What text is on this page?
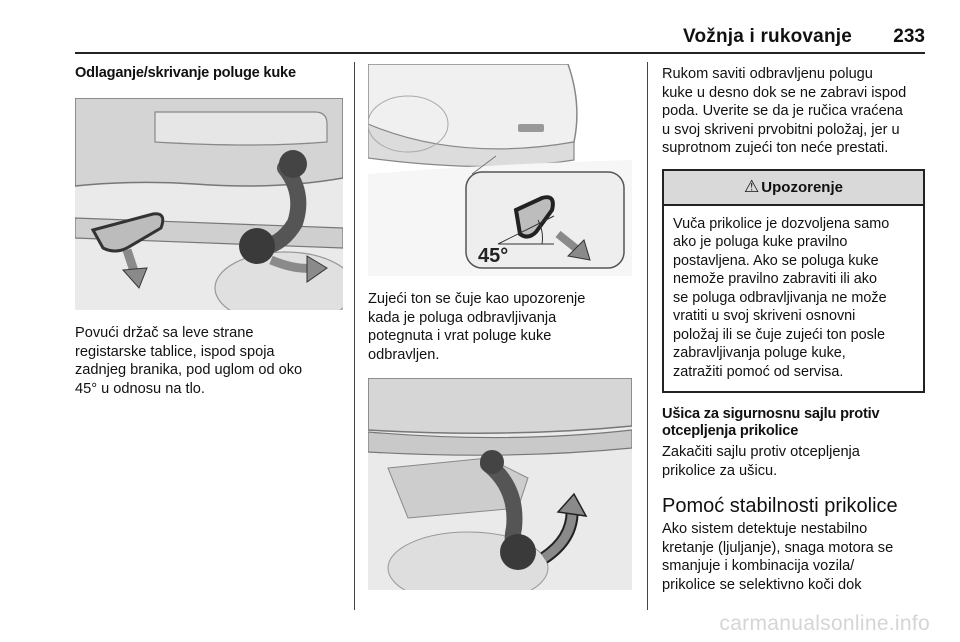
Vožnja i rukovanje 233
Odlaganje/skrivanje poluge kuke

Povući držač sa leve strane
registarske tablice, ispod spoja
zadnjeg branika, pod uglom od oko
45° u odnosu na tlo.

45°

Zujeći ton se čuje kao upozorenje
kada je poluga odbravljivanja
potegnuta i vrat poluge kuke
odbravljen.

Rukom saviti odbravljenu polugu
kuke u desno dok se ne zabravi ispod
poda. Uverite se da je ručica vraćena
u svoj skriveni prvobitni položaj, jer u
suprotnom zujeći ton neće prestati.

⚠ Upozorenje
Vuča prikolice je dozvoljena samo
ako je poluga kuke pravilno
postavljena. Ako se poluga kuke
nemože pravilno zabraviti ili ako
se poluga odbravljivanja ne može
vratiti u svoj skriveni osnovni
položaj ili se čuje zujeći ton posle
zabravljivanja poluge kuke,
zatražiti pomoć od servisa.
Ušica za sigurnosnu sajlu protiv
otcepljenja prikolice

Zakačiti sajlu protiv otcepljenja
prikolice za ušicu.

Pomoć stabilnosti prikolice

Ako sistem detektuje nestabilno
kretanje (ljuljanje), snaga motora se
smanjuje i kombinacija vozila/
prikolice se selektivno koči dok

carmanualsonline.info
